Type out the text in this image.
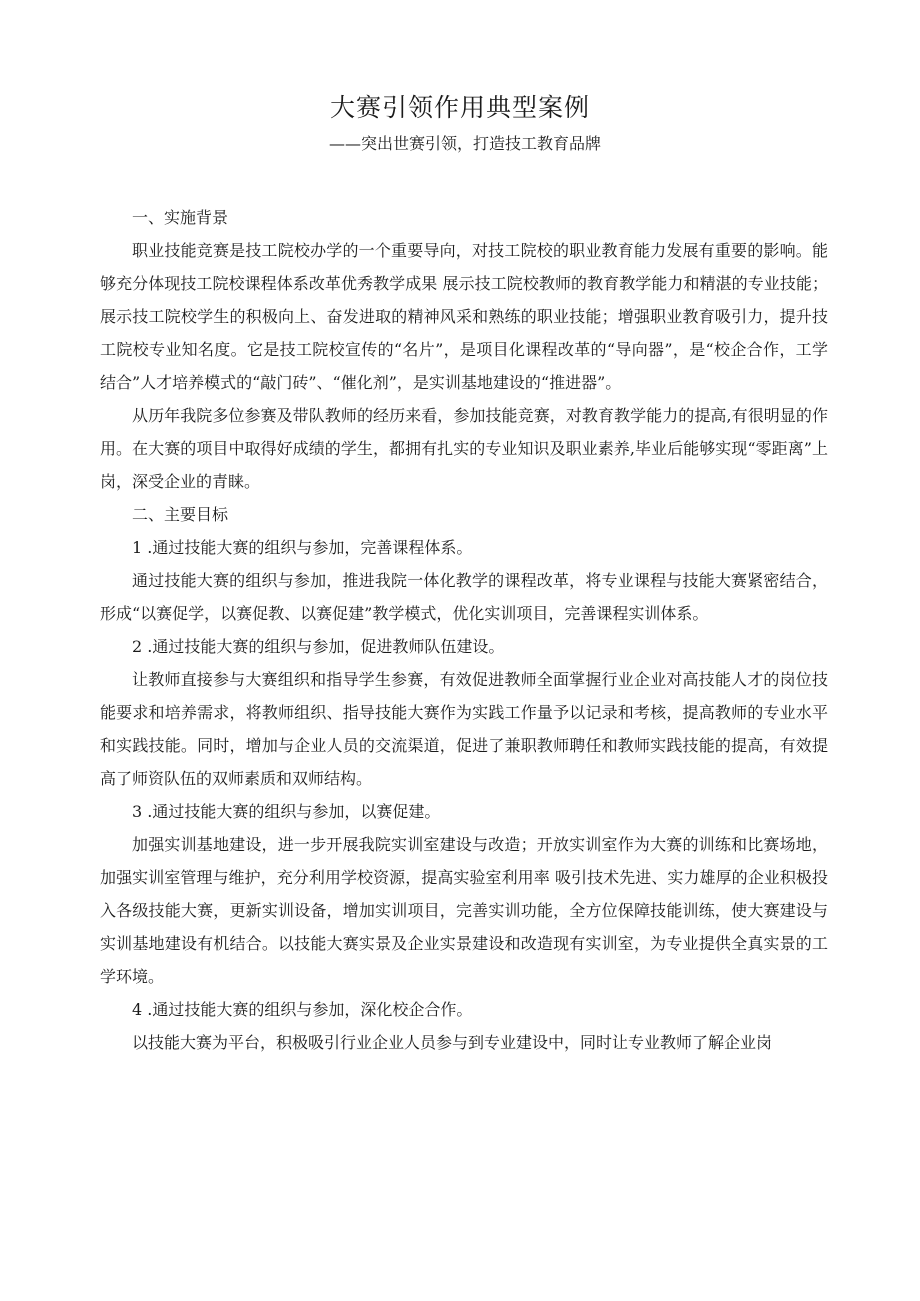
大赛引领作用典型案例
——突出世赛引领，打造技工教育品牌

一、实施背景

职业技能竞赛是技工院校办学的一个重要导向，对技工院校的职业教育能力发展有重要的影响。能够充分体现技工院校课程体系改革优秀教学成果 展示技工院校教师的教育教学能力和精湛的专业技能；展示技工院校学生的积极向上、奋发进取的精神风采和熟练的职业技能；增强职业教育吸引力，提升技工院校专业知名度。它是技工院校宣传的“名片”，是项目化课程改革的“导向器”，是“校企合作，工学结合”人才培养模式的“敲门砖”、“催化剂”，是实训基地建设的“推进器”。

从历年我院多位参赛及带队教师的经历来看，参加技能竞赛，对教育教学能力的提高,有很明显的作用。在大赛的项目中取得好成绩的学生，都拥有扎实的专业知识及职业素养,毕业后能够实现“零距离”上岗，深受企业的青睐。

二、主要目标

1 .通过技能大赛的组织与参加，完善课程体系。

通过技能大赛的组织与参加，推进我院一体化教学的课程改革，将专业课程与技能大赛紧密结合，形成“以赛促学，以赛促教、以赛促建”教学模式，优化实训项目，完善课程实训体系。

2 .通过技能大赛的组织与参加，促进教师队伍建设。

让教师直接参与大赛组织和指导学生参赛，有效促进教师全面掌握行业企业对高技能人才的岗位技能要求和培养需求，将教师组织、指导技能大赛作为实践工作量予以记录和考核，提高教师的专业水平和实践技能。同时，增加与企业人员的交流渠道，促进了兼职教师聘任和教师实践技能的提高，有效提高了师资队伍的双师素质和双师结构。

3 .通过技能大赛的组织与参加，以赛促建。

加强实训基地建设，进一步开展我院实训室建设与改造；开放实训室作为大赛的训练和比赛场地，加强实训室管理与维护，充分利用学校资源，提高实验室利用率 吸引技术先进、实力雄厚的企业积极投入各级技能大赛，更新实训设备，增加实训项目，完善实训功能，全方位保障技能训练，使大赛建设与实训基地建设有机结合。以技能大赛实景及企业实景建设和改造现有实训室，为专业提供全真实景的工学环境。

4 .通过技能大赛的组织与参加，深化校企合作。

以技能大赛为平台，积极吸引行业企业人员参与到专业建设中，同时让专业教师了解企业岗
